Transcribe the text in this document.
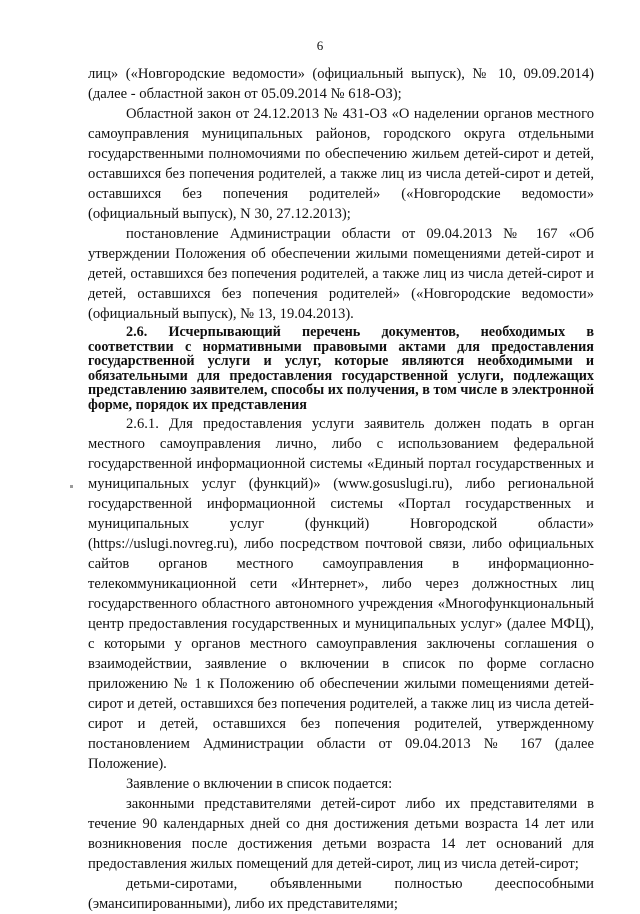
6

лиц» («Новгородские ведомости» (официальный выпуск), № 10, 09.09.2014) (далее - областной закон от 05.09.2014 № 618-ОЗ);

Областной закон от 24.12.2013 № 431-ОЗ «О наделении органов местного самоуправления муниципальных районов, городского округа отдельными государственными полномочиями по обеспечению жильем детей-сирот и детей, оставшихся без попечения родителей, а также лиц из числа детей-сирот и детей, оставшихся без попечения родителей» («Новгородские ведомости» (официальный выпуск), N 30, 27.12.2013);

постановление Администрации области от 09.04.2013 № 167 «Об утверждении Положения об обеспечении жилыми помещениями детей-сирот и детей, оставшихся без попечения родителей, а также лиц из числа детей-сирот и детей, оставшихся без попечения родителей» («Новгородские ведомости» (официальный выпуск), № 13, 19.04.2013).

2.6. Исчерпывающий перечень документов, необходимых в соответствии с нормативными правовыми актами для предоставления государственной услуги и услуг, которые являются необходимыми и обязательными для предоставления государственной услуги, подлежащих представлению заявителем, способы их получения, в том числе в электронной форме, порядок их представления

2.6.1. Для предоставления услуги заявитель должен подать в орган местного самоуправления лично, либо с использованием федеральной государственной информационной системы «Единый портал государственных и муниципальных услуг (функций)» (www.gosuslugi.ru), либо региональной государственной информационной системы «Портал государственных и муниципальных услуг (функций) Новгородской области» (https://uslugi.novreg.ru), либо посредством почтовой связи, либо официальных сайтов органов местного самоуправления в информационно-телекоммуникационной сети «Интернет», либо через должностных лиц государственного областного автономного учреждения «Многофункциональный центр предоставления государственных и муниципальных услуг» (далее МФЦ), с которыми у органов местного самоуправления заключены соглашения о взаимодействии, заявление о включении в список по форме согласно приложению № 1 к Положению об обеспечении жилыми помещениями детей-сирот и детей, оставшихся без попечения родителей, а также лиц из числа детей-сирот и детей, оставшихся без попечения родителей, утвержденному постановлением Администрации области от 09.04.2013 № 167 (далее Положение).

Заявление о включении в список подается:

законными представителями детей-сирот либо их представителями в течение 90 календарных дней со дня достижения детьми возраста 14 лет или возникновения после достижения детьми возраста 14 лет оснований для предоставления жилых помещений для детей-сирот, лиц из числа детей-сирот;

детьми-сиротами, объявленными полностью дееспособными (эмансипированными), либо их представителями;
